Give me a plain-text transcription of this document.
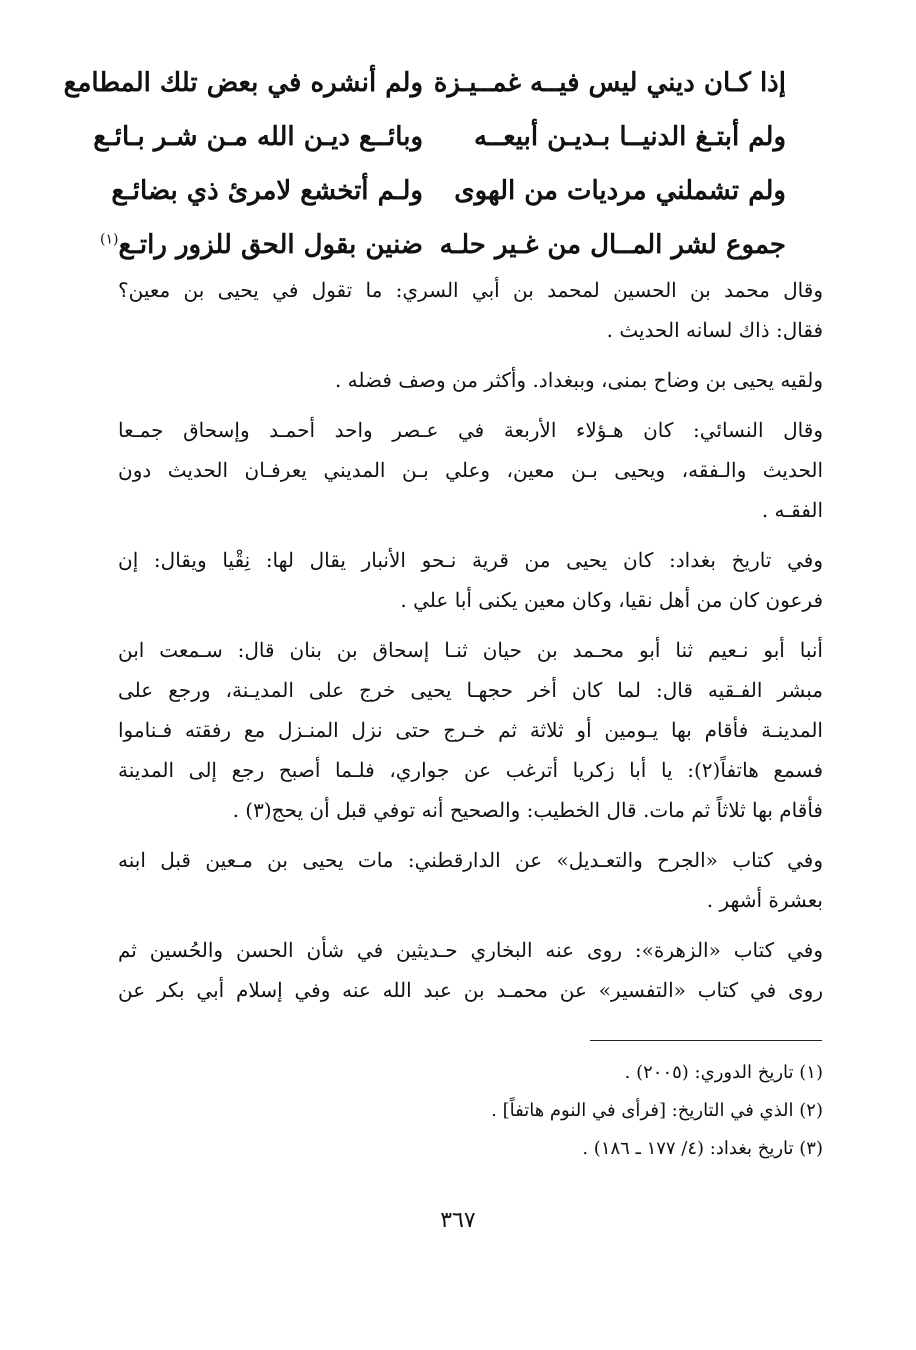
إذا كـان ديني ليس فيــه غمــيـزة
ولم أنشره في بعض تلك المطامع
ولم أبتـغ الدنيــا بـديـن أبيعــه
وبائــع ديـن الله مـن شـر بـائـع
ولم تشملني مرديات من الهوى
ولـم أتخشع لامرئ ذي بضائـع
جموع لشر المــال من غـير حلـه
ضنين بقول الحق للزور راتـع$^{(١)}$
وقال محمد بن الحسين لمحمد بن أبي السري: ما تقول في يحيى بن معين؟
فقال: ذاك لسانه الحديث .
ولقيه يحيى بن وضاح بمنى، وببغداد. وأكثر من وصف فضله .
وقال النسائي: كان هـؤلاء الأربعة في عـصر واحد أحمـد وإسحاق جمـعا
الحديث والـفقه، ويحيى بـن معين، وعلي بـن المديني يعرفـان الحديث دون
الفقـه .
وفي تاريخ بغداد: كان يحيى من قرية نـحو الأنبار يقال لها: نِقْيا ويقال: إن
فرعون كان من أهل نقيا، وكان معين يكنى أبا علي .
أنبا أبو نـعيم ثنا أبو محـمد بن حيان ثنـا إسحاق بن بنان قال: سـمعت ابن
مبشر الفـقيه قال: لما كان أخر حجهـا يحيى خرج على المديـنة، ورجع على
المدينـة فأقام بها يـومين أو ثلاثة ثم خـرج حتى نزل المنـزل مع رفقته فـناموا
فسمع هاتفاً(٢): يا أبا زكريا أترغب عن جواري، فلـما أصبح رجع إلى المدينة
فأقام بها ثلاثاً ثم مات. قال الخطيب: والصحيح أنه توفي قبل أن يحج(٣) .
وفي كتاب «الجرح والتعـديل» عن الدارقطني: مات يحيى بن مـعين قبل ابنه
بعشرة أشهر .
وفي كتاب «الزهرة»: روى عنه البخاري حـديثين في شأن الحسن والحُسين ثم
روى في كتاب «التفسير» عن محمـد بن عبد الله عنه وفي إسلام أبي بكر عن
(١) تاريخ الدوري: (٢٠٠٥) .
(٢) الذي في التاريخ: [فرأى في النوم هاتفاً] .
(٣) تاريخ بغداد: (٤/ ١٧٧ ـ ١٨٦) .
٣٦٧
